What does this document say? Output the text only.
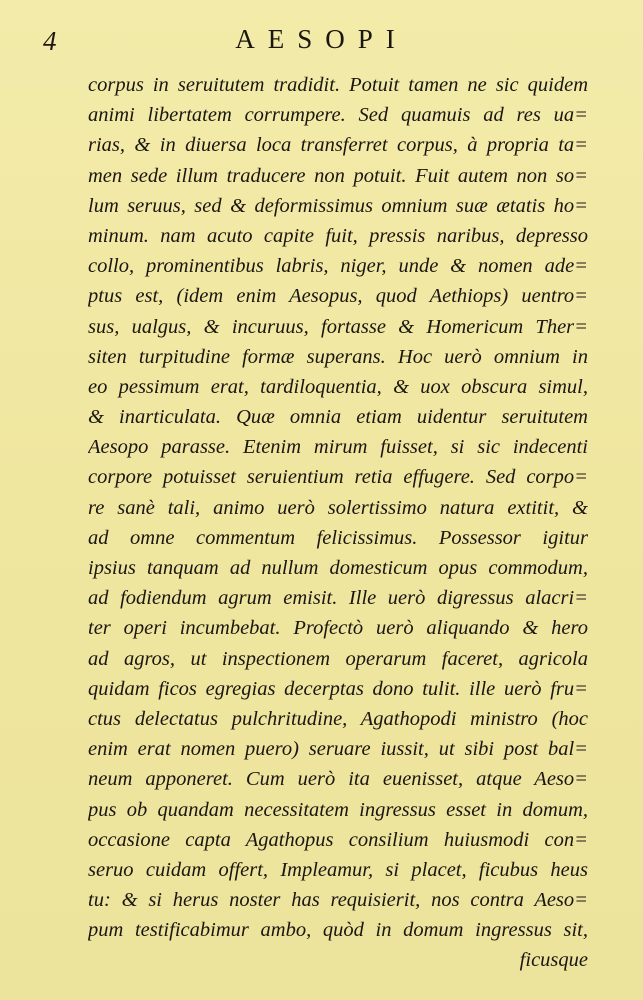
4	AESOPI
corpus in seruitutem tradidit. Potuit tamen ne sic quidem
animi libertatem corrumpere. Sed quamuis ad res ua=
rias, & in diuersa loca transferret corpus, à propria ta=
men sede illum traducere non potuit. Fuit autem non so=
lum seruus, sed & deformissimus omnium suæ ætatis ho=
minum. nam acuto capite fuit, pressis naribus, depresso
collo, prominentibus labris, niger, unde & nomen ade=
ptus est, (idem enim Aesopus, quod Aethiops) uentro=
sus, ualgus, & incuruus, fortasse & Homericum Ther=
siten turpitudine formæ superans. Hoc uerò omnium in
eo pessimum erat, tardiloquentia, & uox obscura simul,
& inarticulata. Quæ omnia etiam uidentur seruitutem
Aesopo parasse. Etenim mirum fuisset, si sic indecenti
corpore potuisset seruientium retia effugere. Sed corpo=
re sanè tali, animo uerò solertissimo natura extitit, &
ad omne commentum felicissimus. Possessor igitur
ipsius tanquam ad nullum domesticum opus commodum,
ad fodiendum agrum emisit. Ille uerò digressus alacri=
ter operi incumbebat. Profectò uerò aliquando & hero
ad agros, ut inspectionem operarum faceret, agricola
quidam ficos egregias decerptas dono tulit. ille uerò fru=
ctus delectatus pulchritudine, Agathopodi ministro (hoc
enim erat nomen puero) seruare iussit, ut sibi post bal=
neum apponeret. Cum uerò ita euenisset, atque Aeso=
pus ob quandam necessitatem ingressus esset in domum,
occasione capta Agathopus consilium huiusmodi con=
seruo cuidam offert, Impleamur, si placet, ficubus heus
tu: & si herus noster has requisierit, nos contra Aeso=
pum testificabimur ambo, quòd in domum ingressus sit,
ficusque
